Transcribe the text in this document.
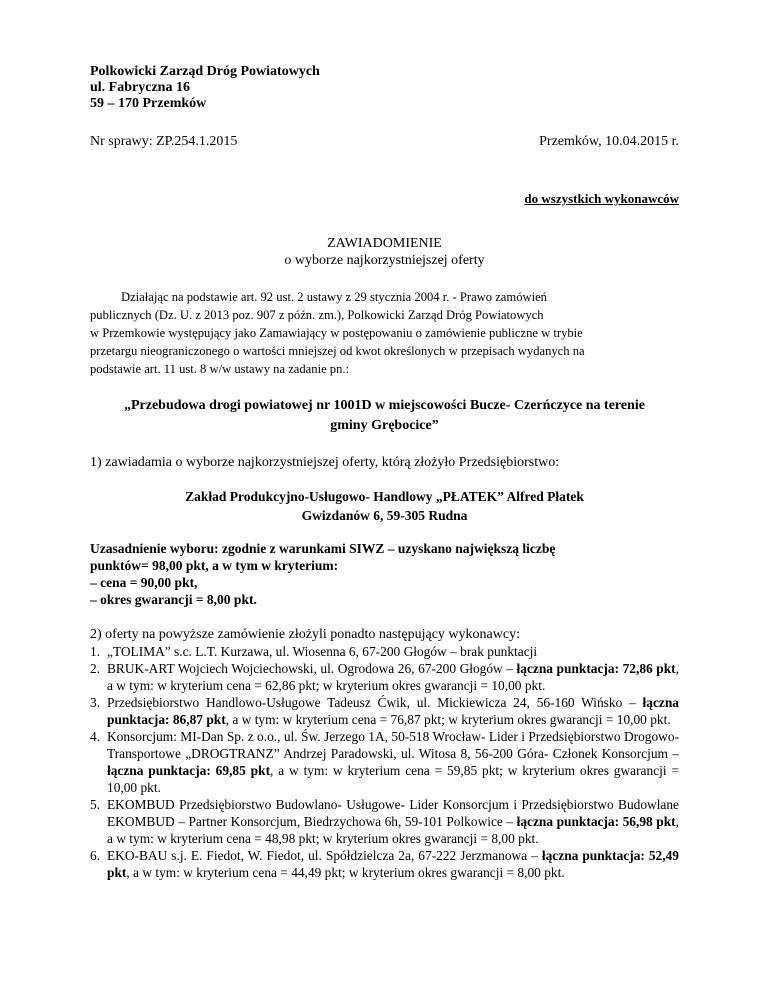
Polkowicki Zarząd Dróg Powiatowych
ul. Fabryczna 16
59 – 170 Przemków
Nr sprawy: ZP.254.1.2015	Przemków, 10.04.2015 r.
do wszystkich wykonawców
ZAWIADOMIENIE
o wyborze najkorzystniejszej oferty
Działając na podstawie art. 92 ust. 2 ustawy z 29 stycznia 2004 r. - Prawo zamówień
publicznych (Dz. U. z 2013 poz. 907 z późn. zm.), Polkowicki Zarząd Dróg Powiatowych
w Przemkowie występujący jako Zamawiający w postępowaniu o zamówienie publiczne w trybie
przetargu nieograniczonego o wartości mniejszej od kwot określonych w przepisach wydanych na
podstawie art. 11 ust. 8 w/w ustawy na zadanie pn.:
„Przebudowa drogi powiatowej nr 1001D w miejscowości Bucze- Czerńczyce na terenie
gminy Grębocice”
1) zawiadamia o wyborze najkorzystniejszej oferty, którą złożyło Przedsiębiorstwo:
Zakład Produkcyjno-Usługowo- Handlowy „PŁATEK” Alfred Płatek
Gwizdanów 6, 59-305 Rudna
Uzasadnienie wyboru: zgodnie z warunkami SIWZ – uzyskano największą liczbę
punktów= 98,00 pkt, a w tym w kryterium:
– cena = 90,00 pkt,
– okres gwarancji = 8,00 pkt.
2) oferty na powyższe zamówienie złożyli ponadto następujący wykonawcy:
1. „TOLIMA” s.c. L.T. Kurzawa, ul. Wiosenna 6, 67-200 Głogów – brak punktacji
2. BRUK-ART Wojciech Wojciechowski, ul. Ogrodowa 26, 67-200 Głogów – łączna punktacja: 72,86 pkt, a w tym: w kryterium cena = 62,86 pkt; w kryterium okres gwarancji = 10,00 pkt.
3. Przedsiębiorstwo Handlowo-Usługowe Tadeusz Ćwik, ul. Mickiewicza 24, 56-160 Wińsko – łączna punktacja: 86,87 pkt, a w tym: w kryterium cena = 76,87 pkt; w kryterium okres gwarancji = 10,00 pkt.
4. Konsorcjum: MI-Dan Sp. z o.o., ul. Św. Jerzego 1A, 50-518 Wrocław- Lider i Przedsiębiorstwo Drogowo-Transportowe „DROGTRANZ” Andrzej Paradowski, ul. Witosa 8, 56-200 Góra- Członek Konsorcjum – łączna punktacja: 69,85 pkt, a w tym: w kryterium cena = 59,85 pkt; w kryterium okres gwarancji = 10,00 pkt.
5. EKOMBUD Przedsiębiorstwo Budowlano- Usługowe- Lider Konsorcjum i Przedsiębiorstwo Budowlane EKOMBUD – Partner Konsorcjum, Biedrzychowa 6h, 59-101 Polkowice – łączna punktacja: 56,98 pkt, a w tym: w kryterium cena = 48,98 pkt; w kryterium okres gwarancji = 8,00 pkt.
6. EKO-BAU s.j. E. Fiedot, W. Fiedot, ul. Spółdzielcza 2a, 67-222 Jerzmanowa – łączna punktacja: 52,49 pkt, a w tym: w kryterium cena = 44,49 pkt; w kryterium okres gwarancji = 8,00 pkt.
